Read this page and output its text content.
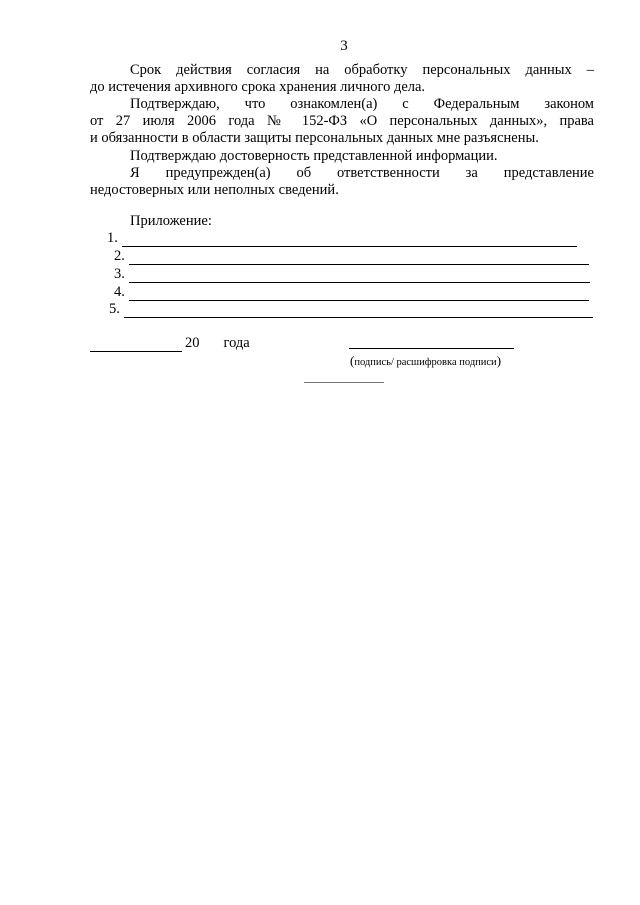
3
Срок действия согласия на обработку персональных данных –
до истечения архивного срока хранения личного дела.
Подтверждаю, что ознакомлен(а) с Федеральным законом
от 27 июля 2006 года № 152-ФЗ «О персональных данных», права
и обязанности в области защиты персональных данных мне разъяснены.
Подтверждаю достоверность представленной информации.
Я предупрежден(а) об ответственности за представление
недостоверных или неполных сведений.
Приложение:
1.
2.
3.
4.
5.
20 года
(подпись/ расшифровка подписи)
